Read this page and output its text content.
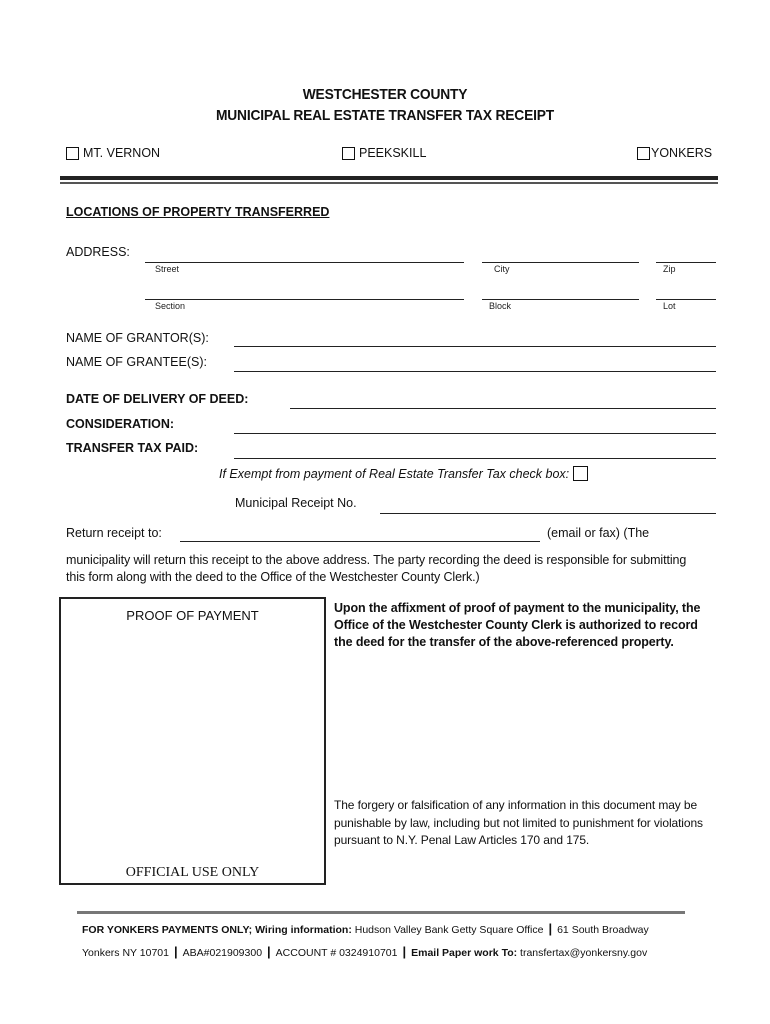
WESTCHESTER COUNTY
MUNICIPAL REAL ESTATE TRANSFER TAX RECEIPT
MT. VERNON	PEEKSKILL	YONKERS
LOCATIONS OF PROPERTY TRANSFERRED
ADDRESS:
Street	City	Zip
Section	Block	Lot
NAME OF GRANTOR(S):
NAME OF GRANTEE(S):
DATE OF DELIVERY OF DEED:
CONSIDERATION:
TRANSFER TAX PAID:
If Exempt from payment of Real Estate Transfer Tax check box:
Municipal Receipt No.
Return receipt to:	(email or fax) (The
municipality will return this receipt to the above address. The party recording the deed is responsible for submitting
this form along with the deed to the Office of the Westchester County Clerk.)
PROOF OF PAYMENT
OFFICIAL USE ONLY
Upon the affixment of proof of payment to the municipality, the
Office of the Westchester County Clerk is authorized to record
the deed for the transfer of the above-referenced property.
The forgery or falsification of any information in this document may be
punishable by law, including but not limited to punishment for violations
pursuant to N.Y. Penal Law Articles 170 and 175.
FOR YONKERS PAYMENTS ONLY; Wiring information: Hudson Valley Bank Getty Square Office | 61 South Broadway
Yonkers NY 10701 | ABA#021909300 | ACCOUNT # 0324910701 | Email Paper work To: transfertax@yonkersny.gov
